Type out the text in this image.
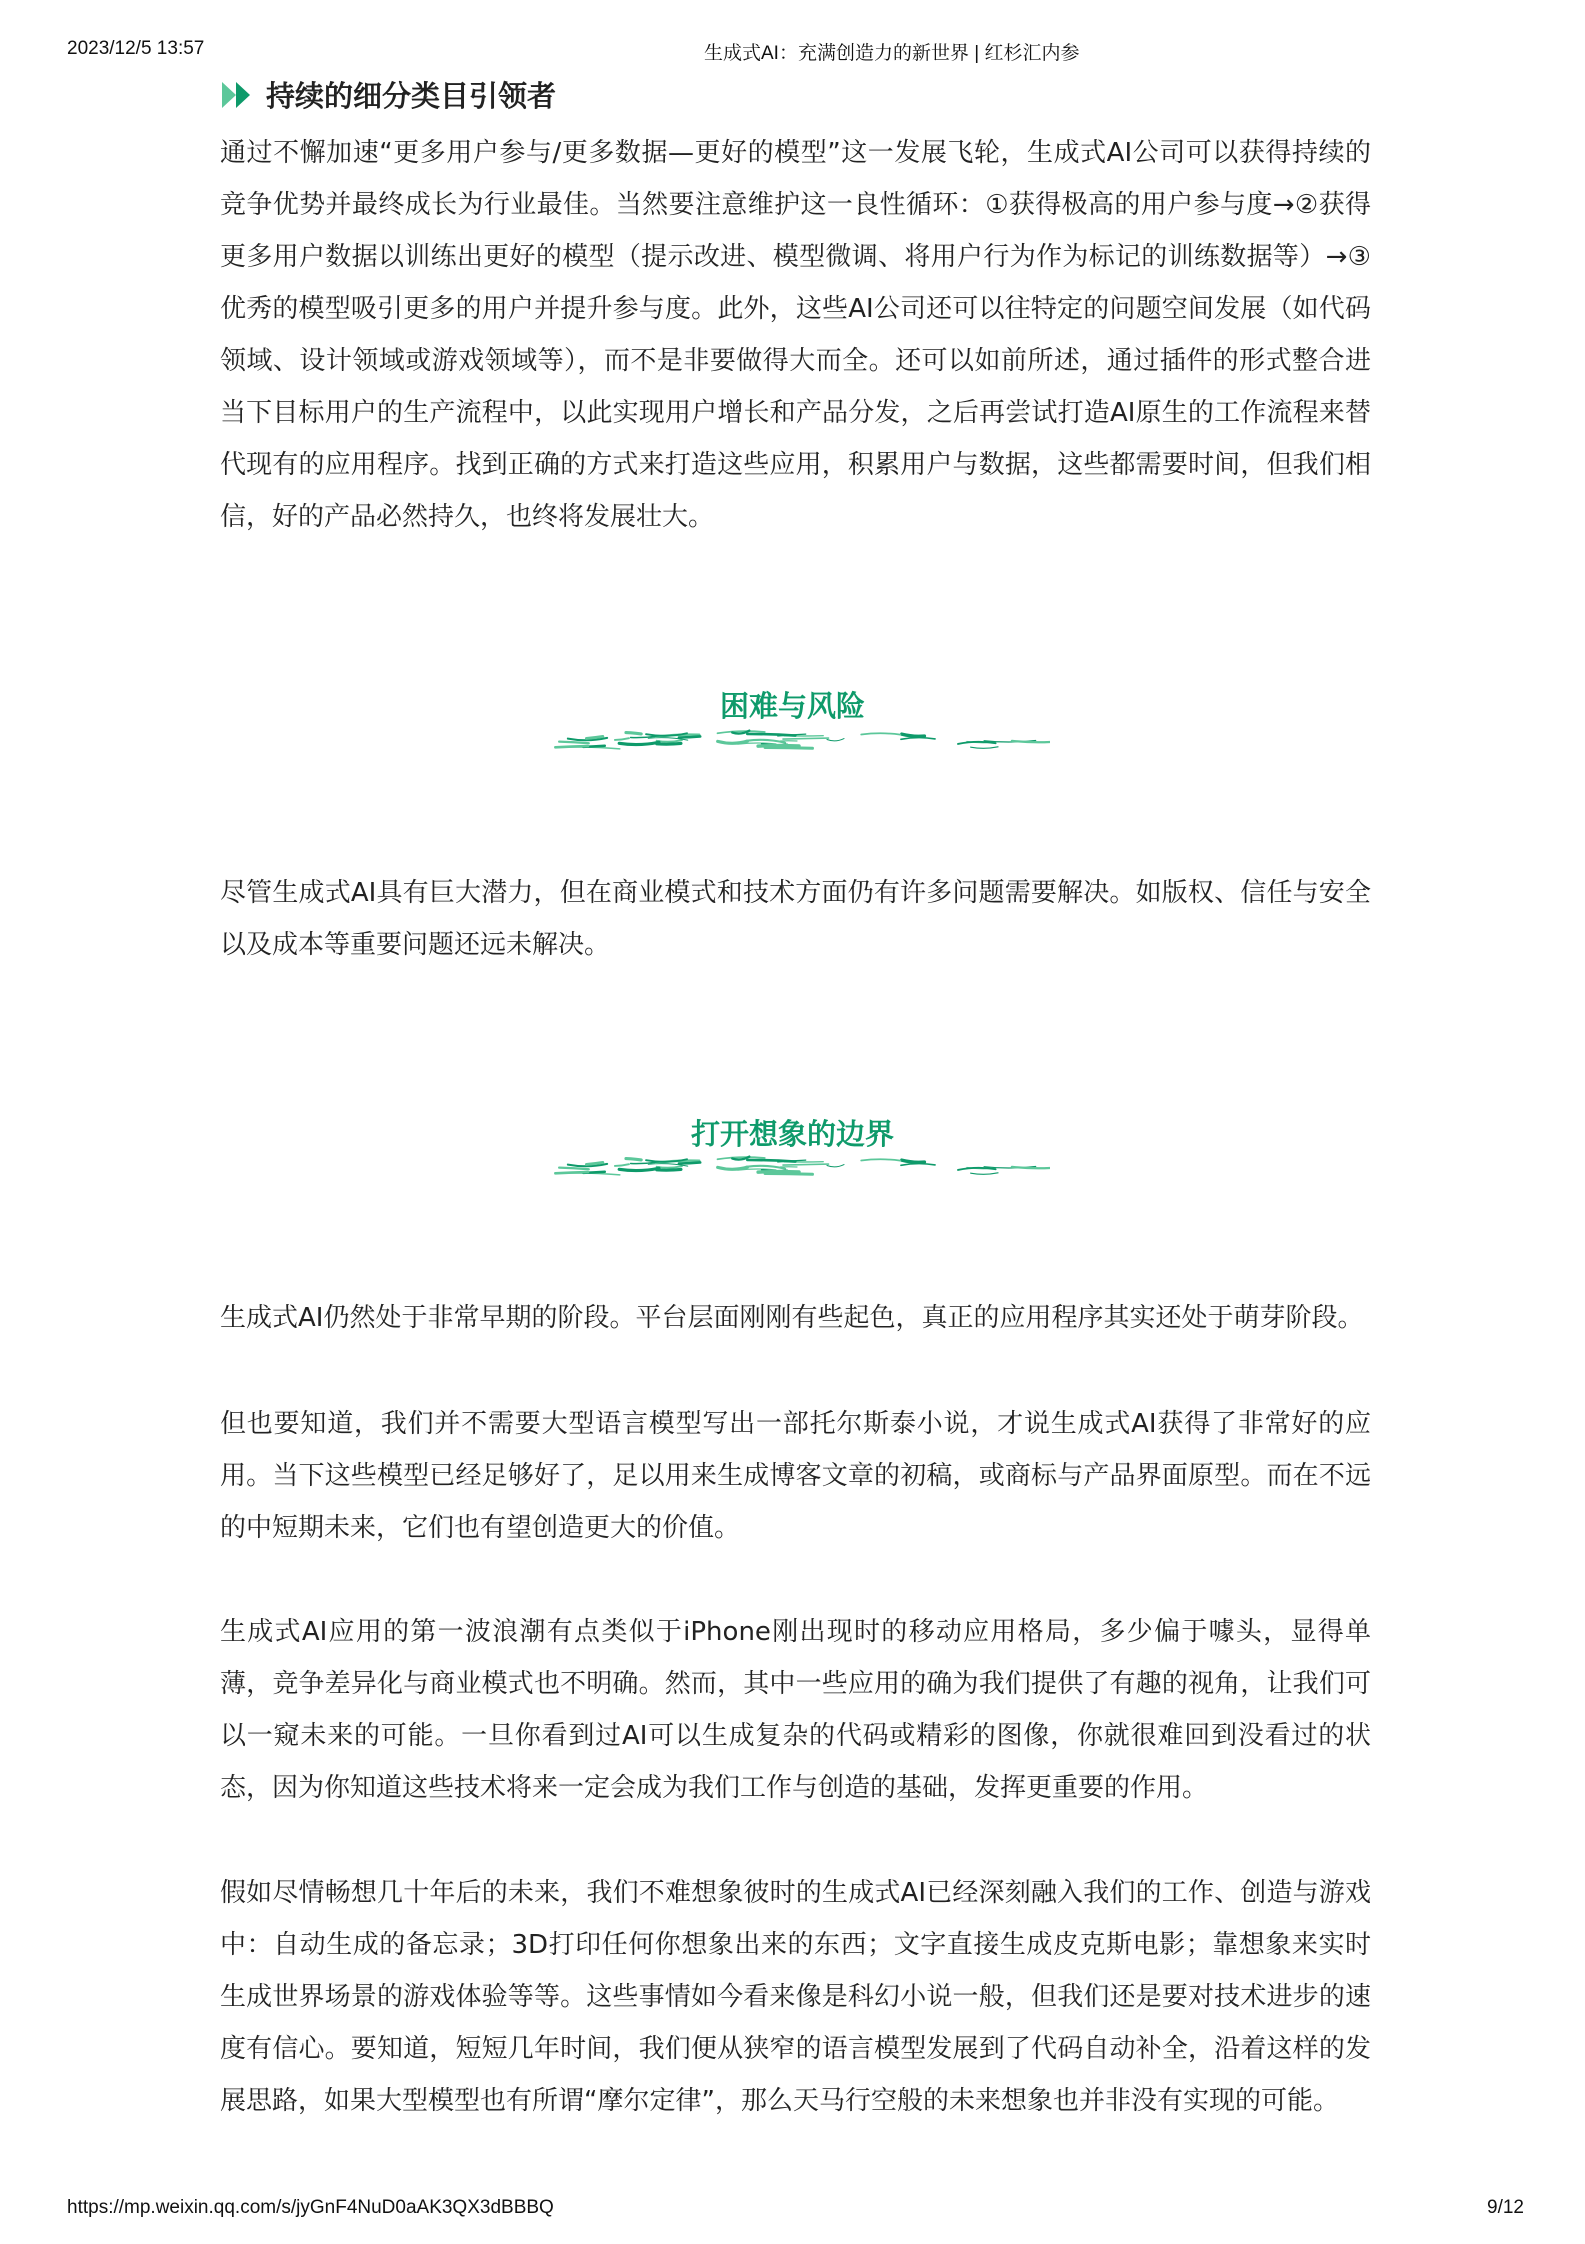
2023/12/5 13:57	生成式AI：充满创造力的新世界 | 红杉汇内参
持续的细分类目引领者
通过不懈加速“更多用户参与/更多数据—更好的模型”这一发展飞轮，生成式AI公司可以获得持续的
竞争优势并最终成长为行业最佳。当然要注意维护这一良性循环：①获得极高的用户参与度→②获得
更多用户数据以训练出更好的模型（提示改进、模型微调、将用户行为作为标记的训练数据等）→③
优秀的模型吸引更多的用户并提升参与度。此外，这些AI公司还可以往特定的问题空间发展（如代码
领域、设计领域或游戏领域等），而不是非要做得大而全。还可以如前所述，通过插件的形式整合进
当下目标用户的生产流程中，以此实现用户增长和产品分发，之后再尝试打造AI原生的工作流程来替
代现有的应用程序。找到正确的方式来打造这些应用，积累用户与数据，这些都需要时间，但我们相
信，好的产品必然持久，也终将发展壮大。
困难与风险
尽管生成式AI具有巨大潜力，但在商业模式和技术方面仍有许多问题需要解决。如版权、信任与安全
以及成本等重要问题还远未解决。
打开想象的边界
生成式AI仍然处于非常早期的阶段。平台层面刚刚有些起色，真正的应用程序其实还处于萌芽阶段。
但也要知道，我们并不需要大型语言模型写出一部托尔斯泰小说，才说生成式AI获得了非常好的应
用。当下这些模型已经足够好了，足以用来生成博客文章的初稿，或商标与产品界面原型。而在不远
的中短期未来，它们也有望创造更大的价值。
生成式AI应用的第一波浪潮有点类似于iPhone刚出现时的移动应用格局，多少偏于噱头，显得单
薄，竞争差异化与商业模式也不明确。然而，其中一些应用的确为我们提供了有趣的视角，让我们可
以一窥未来的可能。一旦你看到过AI可以生成复杂的代码或精彩的图像，你就很难回到没看过的状
态，因为你知道这些技术将来一定会成为我们工作与创造的基础，发挥更重要的作用。
假如尽情畅想几十年后的未来，我们不难想象彼时的生成式AI已经深刻融入我们的工作、创造与游戏
中：自动生成的备忘录；3D打印任何你想象出来的东西；文字直接生成皮克斯电影；靠想象来实时
生成世界场景的游戏体验等等。这些事情如今看来像是科幻小说一般，但我们还是要对技术进步的速
度有信心。要知道，短短几年时间，我们便从狭窄的语言模型发展到了代码自动补全，沿着这样的发
展思路，如果大型模型也有所谓“摩尔定律”，那么天马行空般的未来想象也并非没有实现的可能。
https://mp.weixin.qq.com/s/jyGnF4NuD0aAK3QX3dBBBQ	9/12
